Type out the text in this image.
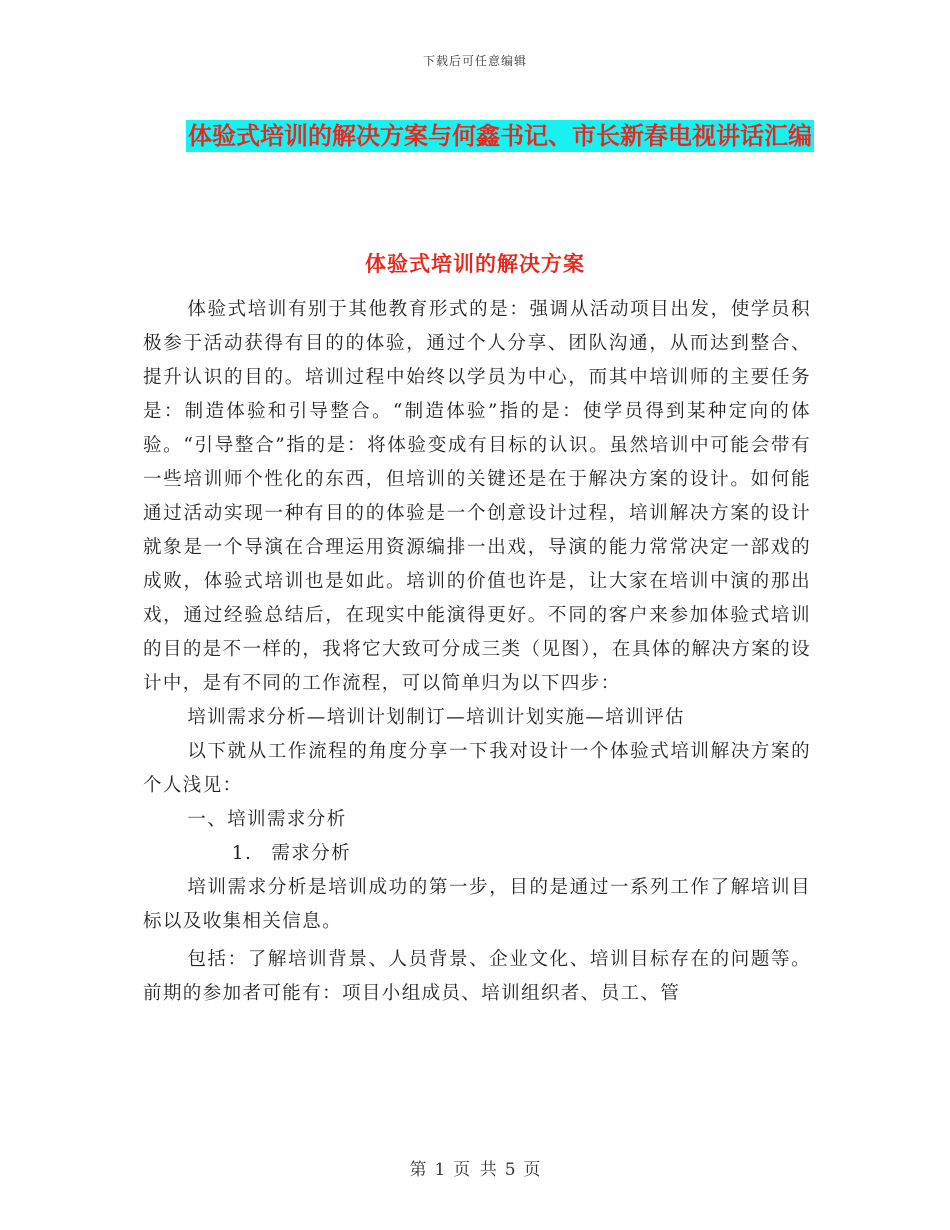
下载后可任意编辑
体验式培训的解决方案与何鑫书记、市长新春电视讲话汇编
体验式培训的解决方案

体验式培训有别于其他教育形式的是：强调从活动项目出发，使学员积极参于活动获得有目的的体验，通过个人分享、团队沟通，从而达到整合、提升认识的目的。培训过程中始终以学员为中心，而其中培训师的主要任务是：制造体验和引导整合。“制造体验”指的是：使学员得到某种定向的体验。“引导整合”指的是：将体验变成有目标的认识。虽然培训中可能会带有一些培训师个性化的东西，但培训的关键还是在于解决方案的设计。如何能通过活动实现一种有目的的体验是一个创意设计过程，培训解决方案的设计就象是一个导演在合理运用资源编排一出戏，导演的能力常常决定一部戏的成败，体验式培训也是如此。培训的价值也许是，让大家在培训中演的那出戏，通过经验总结后，在现实中能演得更好。不同的客户来参加体验式培训的目的是不一样的，我将它大致可分成三类（见图），在具体的解决方案的设计中，是有不同的工作流程，可以简单归为以下四步：

培训需求分析—培训计划制订—培训计划实施—培训评估

以下就从工作流程的角度分享一下我对设计一个体验式培训解决方案的个人浅见：

一、培训需求分析

1. 需求分析

培训需求分析是培训成功的第一步，目的是通过一系列工作了解培训目标以及收集相关信息。

包括：了解培训背景、人员背景、企业文化、培训目标存在的问题等。前期的参加者可能有：项目小组成员、培训组织者、员工、管

第 1 页 共 5 页
